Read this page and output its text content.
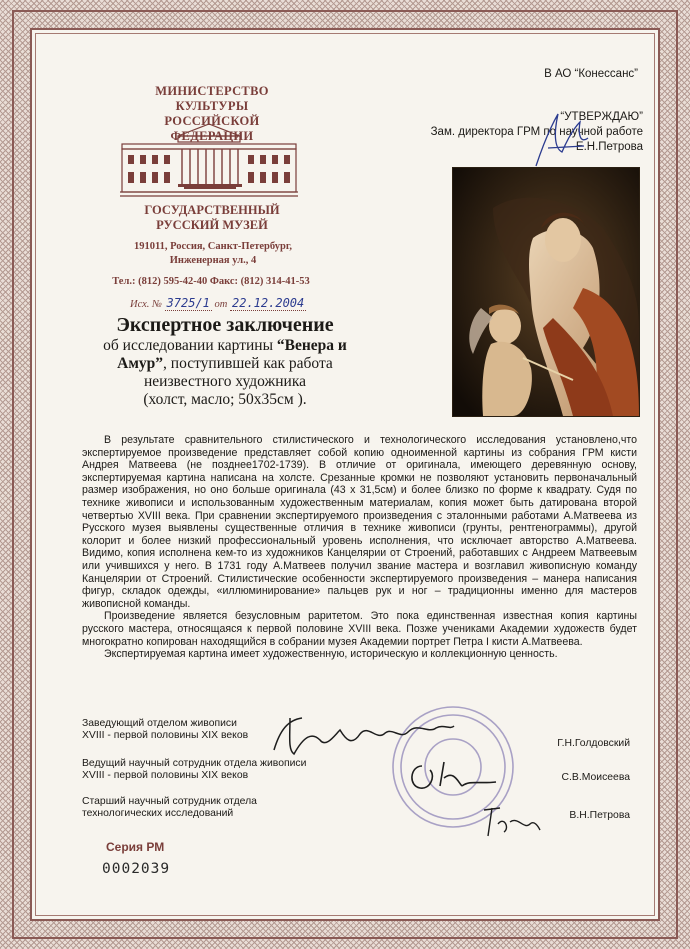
МИНИСТЕРСТВО КУЛЬТУРЫ
РОССИЙСКОЙ ФЕДЕРАЦИИ
ГОСУДАРСТВЕННЫЙ
РУССКИЙ МУЗЕЙ
191011, Россия, Санкт-Петербург,
Инженерная ул., 4
Тел.: (812) 595-42-40 Факс: (812) 314-41-53
Исх. № 3725/1 от 22.12.2004
В АО “Конессанс”
“УТВЕРЖДАЮ”
Зам. директора ГРМ по научной работе
Е.Н.Петрова
Экспертное заключение
об исследовании картины “Венера и
Амур”, поступившей как работа
неизвестного художника
(холст, масло; 50х35см ).

В результате сравнительного стилистического и технологического исследования установлено,что экспертируемое произведение представляет собой копию одноименной картины из собрания ГРМ кисти Андрея Матвеева (не позднее1702-1739). В отличие от оригинала, имеющего деревянную основу, экспертируемая картина написана на холсте. Срезанные кромки не позволяют установить первоначальный размер изображения, но оно больше оригинала (43 х 31,5см) и более близко по форме к квадрату. Судя по технике живописи и использованным художественным материалам, копия может быть датирована второй четвертью XVIII века. При сравнении экспертируемого произведения с эталонными работами А.Матвеева из Русского музея выявлены существенные отличия в технике живописи (грунты, рентгенограммы), другой колорит и более низкий профессиональный уровень исполнения, что исключает авторство А.Матвеева. Видимо, копия исполнена кем-то из художников Канцелярии от Строений, работавших с Андреем Матвеевым или учившихся у него. В 1731 году А.Матвеев получил звание мастера и возглавил живописную команду Канцелярии от Строений. Стилистические особенности экспертируемого произведения – манера написания фигур, складок одежды, «иллюминирование» пальцев рук и ног – традиционны именно для мастеров живописной команды.

Произведение является безусловным раритетом. Это пока единственная известная копия картины русского мастера, относящаяся к первой половине XVIII века. Позже учениками Академии художеств будет многократно копирован находящийся в собрании музея Академии портрет Петра I кисти А.Матвеева.

Экспертируемая картина имеет художественную, историческую и коллекционную ценность.

Заведующий отделом живописи
XVIII - первой половины XIX веков
Г.Н.Голдовский
Ведущий научный сотрудник отдела живописи
XVIII - первой половины XIX веков	С.В.Моисеева
Старший научный сотрудник отдела
технологических исследований	В.Н.Петрова
Серия РМ
0002039
